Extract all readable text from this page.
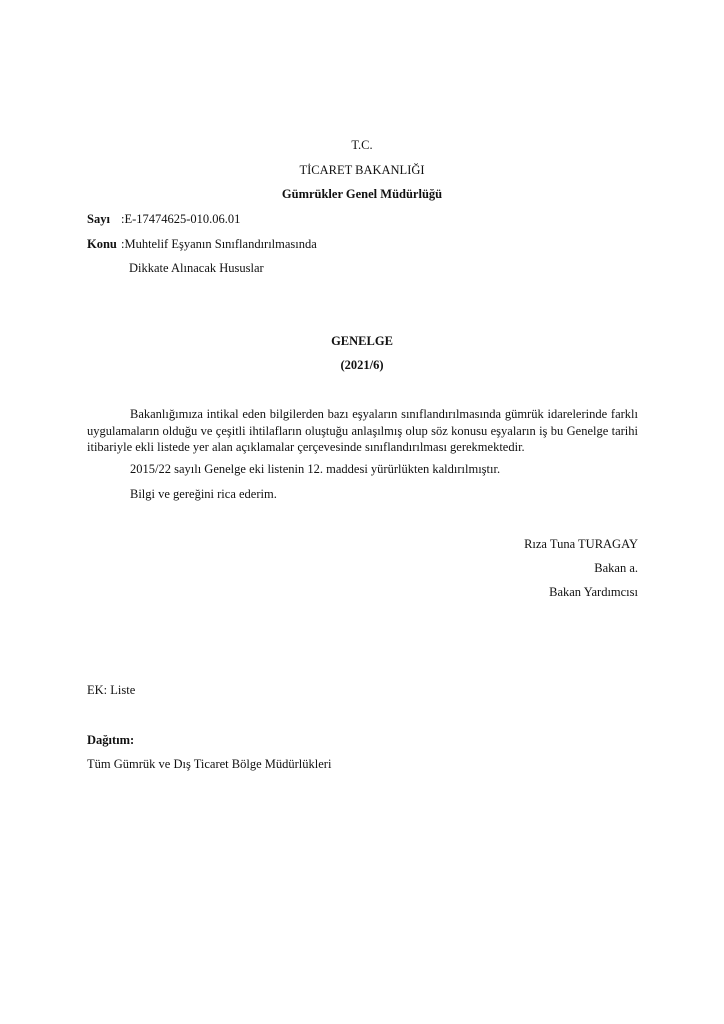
T.C.
TİCARET BAKANLIĞI
Gümrükler Genel Müdürlüğü
Sayı :E-17474625-010.06.01
Konu :Muhtelif Eşyanın Sınıflandırılmasında
Dikkate Alınacak Hususlar
GENELGE
(2021/6)
Bakanlığımıza intikal eden bilgilerden bazı eşyaların sınıflandırılmasında gümrük idarelerinde farklı uygulamaların olduğu ve çeşitli ihtilafların oluştuğu anlaşılmış olup söz konusu eşyaların iş bu Genelge tarihi itibariyle ekli listede yer alan açıklamalar çerçevesinde sınıflandırılması gerekmektedir.
2015/22 sayılı Genelge eki listenin 12. maddesi yürürlükten kaldırılmıştır.
Bilgi ve gereğini rica ederim.
Rıza Tuna TURAGAY
Bakan a.
Bakan Yardımcısı
EK: Liste
Dağıtım:
Tüm Gümrük ve Dış Ticaret Bölge Müdürlükleri
